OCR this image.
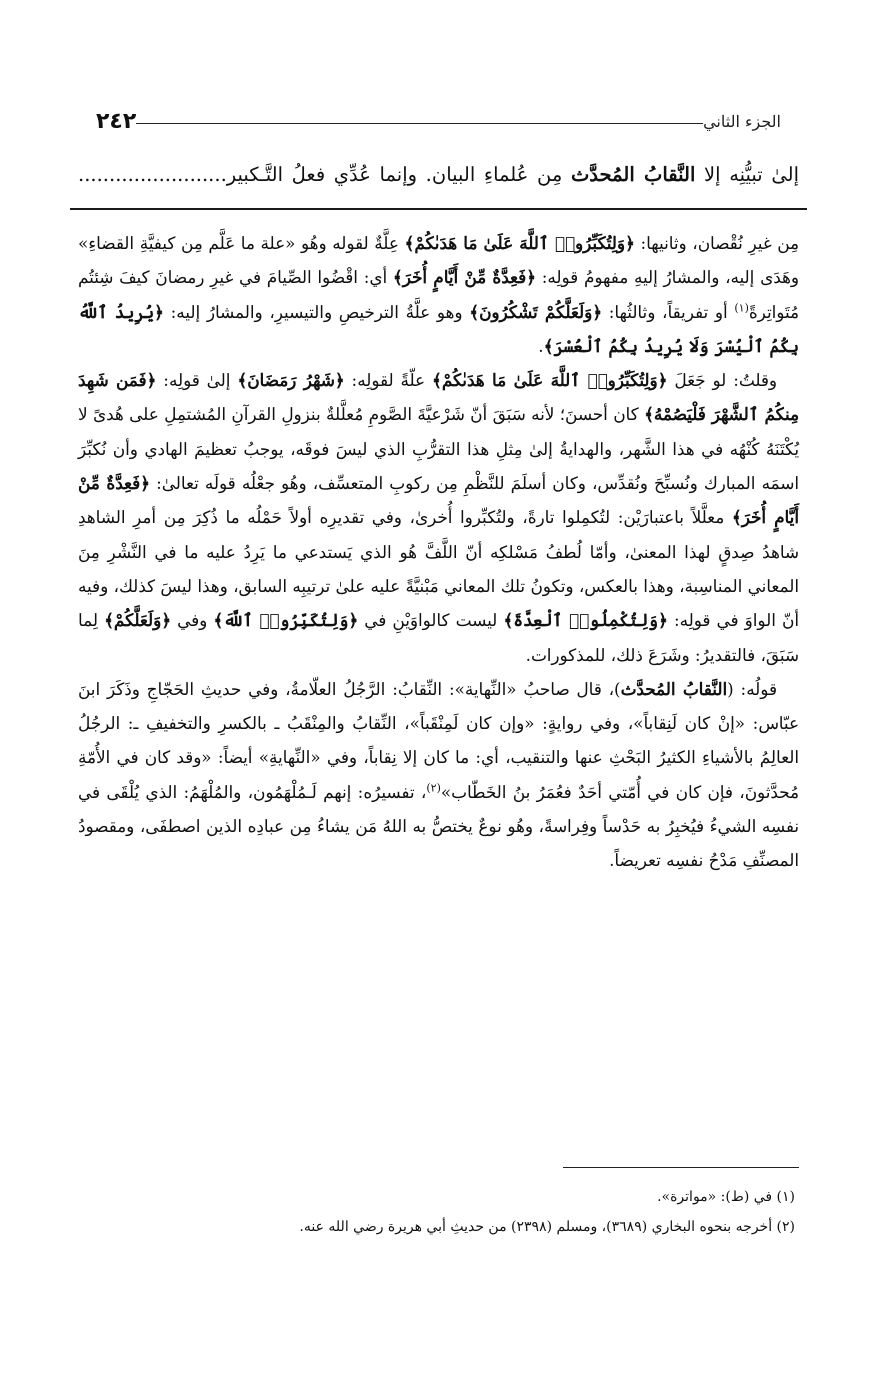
الجزء الثاني
٢٤٢
إلىٰ تبيُّنِه إلا النَّقابُ المُحدَّث مِن عُلماءِ البيان. وإنما عُدِّي فعلُ التَّـكبير........................

مِن غيرِ نُقْصان، وثانيها: ﴿وَلِتُكَبِّرُوا۟ ٱللَّهَ عَلَىٰ مَا هَدَىٰكُمْ﴾ عِلَّةٌ لقوله وهُو «علة ما عَلَّم مِن كيفيَّةِ القضاءِ» وهَدَى إليه، والمشارُ إليهِ مفهومُ قولِه: ﴿فَعِدَّةٌ مِّنْ أَيَّامٍ أُخَرَ﴾ أي: اقْضُوا الصِّيامَ في غيرِ رمضانَ كيفَ شِئتُم مُتَواتِرةً$^{(١)}$ أو تفريقاً، وثالثُها: ﴿وَلَعَلَّكُمْ تَشْكُرُونَ﴾ وهو علَّةُ الترخيصِ والتيسيرِ، والمشارُ إليه: ﴿يُرِيدُ ٱللَّهُ بِكُمُ ٱلْيُسْرَ وَلَا يُرِيدُ بِكُمُ ٱلْعُسْرَ﴾.

وقلتُ: لو جَعَلَ ﴿وَلِتُكَبِّرُوا۟ ٱللَّهَ عَلَىٰ مَا هَدَىٰكُمْ﴾ علّةً لقولِه: ﴿شَهْرُ رَمَضَانَ﴾ إلىٰ قولِه: ﴿فَمَن شَهِدَ مِنكُمُ ٱلشَّهْرَ فَلْيَصُمْهُ﴾ كان أحسنَ؛ لأنه سَبَقَ أنّ شَرْعيَّةَ الصَّومِ مُعلَّلةٌ بنزولِ القرآنِ المُشتمِلِ على هُدىً لا يُكْتَنَهُ كُنْهُه في هذا الشَّهر، والهدايةُ إلىٰ مِثلِ هذا التقرُّبِ الذي ليسَ فوقَه، يوجبُ تعظيمَ الهادي وأن نُكبِّرَ اسمَه المبارك ونُسبِّحَ ونُقدِّس، وكان أسلَمَ للنَّظْمِ مِن ركوبِ المتعسِّف، وهُو جعْلُه قولَه تعالىٰ: ﴿فَعِدَّةٌ مِّنْ أَيَّامٍ أُخَرَ﴾ معلَّلاً باعتبارَيْن: لتُكمِلوا تارةً، ولتُكبِّروا أُخرىٰ، وفي تقديرِه أولاً حَمْلُه ما ذُكِرَ مِن أمرِ الشاهدِ شاهدُ صِدقٍ لهذا المعنىٰ، وأمّا لُطفُ مَسْلكِه أنّ اللَّفَّ هُو الذي يَستدعي ما يَرِدُ عليه ما في النَّشْرِ مِنَ المعاني المناسِبة، وهذا بالعكس، وتكونُ تلك المعاني مَبْنيَّةً عليه علىٰ ترتيبِه السابق، وهذا ليسَ كذلك، وفيه أنّ الواوَ في قولِه: ﴿وَلِتُكْمِلُوا۟ ٱلْعِدَّةَ﴾ ليست كالواوَيْنِ في ﴿وَلِتُكَبِّرُوا۟ ٱللَّهَ﴾ وفي ﴿وَلَعَلَّكُمْ﴾ لِما سَبَقَ، فالتقديرُ: وشَرَعَ ذلك، للمذكورات.

قولُه: (النَّقابُ المُحدَّث)، قال صاحبُ «النِّهاية»: النِّقابُ: الرَّجُلُ العلّامةُ، وفي حديثِ الحَجّاجِ وذَكَرَ ابنَ عبّاس: «إنْ كان لَنِقاباً»، وفي روايةٍ: «وإن كان لَمِنْقَباً»، النِّقابُ والمِنْقَبُ ـ بالكسرِ والتخفيفِ ـ: الرجُلُ العالِمُ بالأشياءِ الكثيرُ البَحْثِ عنها والتنقيب، أي: ما كان إلا نِقاباً، وفي «النِّهايةِ» أيضاً: «وقد كان في الأُمّةِ مُحدَّثونَ، فإن كان في أُمّتي أحَدٌ فعُمَرُ بنُ الخَطّاب»$^{(٢)}$، تفسيرُه: إنهم لَـمُلْهَمُون، والمُلْهَمُ: الذي يُلْقَى في نفسِه الشيءُ فيُخبِرُ به حَدْساً وفِراسةً، وهُو نوعٌ يختصُّ به اللهُ مَن يشاءُ مِن عبادِه الذين اصطفَى، ومقصودُ المصنِّفِ مَدْحُ نفسِه تعريضاً.

(١) في (ط): «مواترة».

(٢) أخرجه بنحوه البخاري (٣٦٨٩)، ومسلم (٢٣٩٨) من حديثِ أبي هريرة رضي الله عنه.
